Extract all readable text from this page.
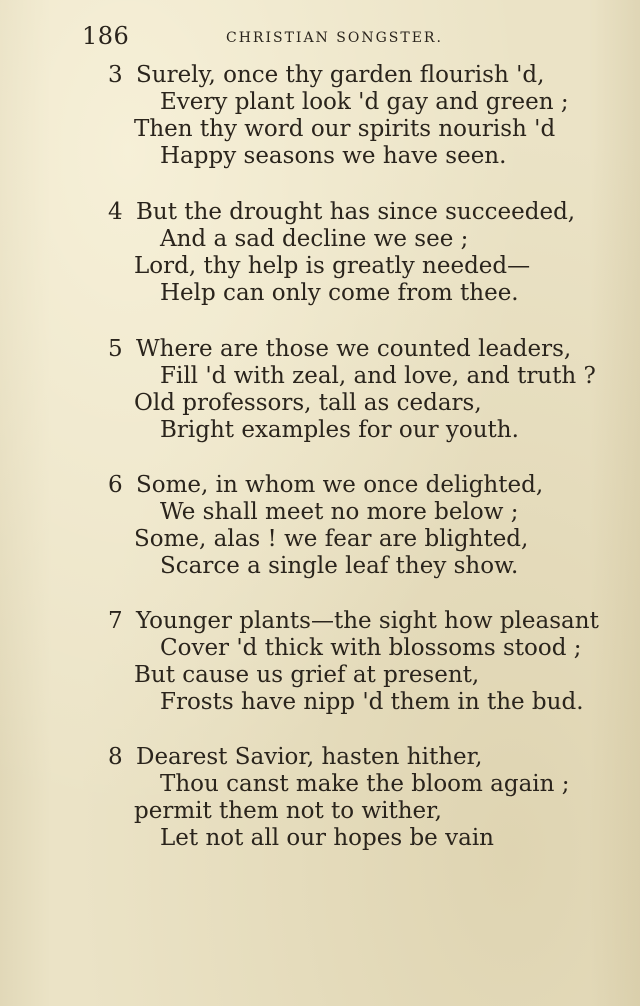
186	CHRISTIAN SONGSTER.
3 Surely, once thy garden flourish 'd,
Every plant look 'd gay and green ;
Then thy word our spirits nourish 'd
Happy seasons we have seen.
4 But the drought has since succeeded,
And a sad decline we see ;
Lord, thy help is greatly needed—
Help can only come from thee.
5 Where are those we counted leaders,
Fill 'd with zeal, and love, and truth ?
Old professors, tall as cedars,
Bright examples for our youth.
6 Some, in whom we once delighted,
We shall meet no more below ;
Some, alas ! we fear are blighted,
Scarce a single leaf they show.
7 Younger plants—the sight how pleasant
Cover 'd thick with blossoms stood ;
But cause us grief at present,
Frosts have nipp 'd them in the bud.
8 Dearest Savior, hasten hither,
Thou canst make the bloom again ;
permit them not to wither,
Let not all our hopes be vain
